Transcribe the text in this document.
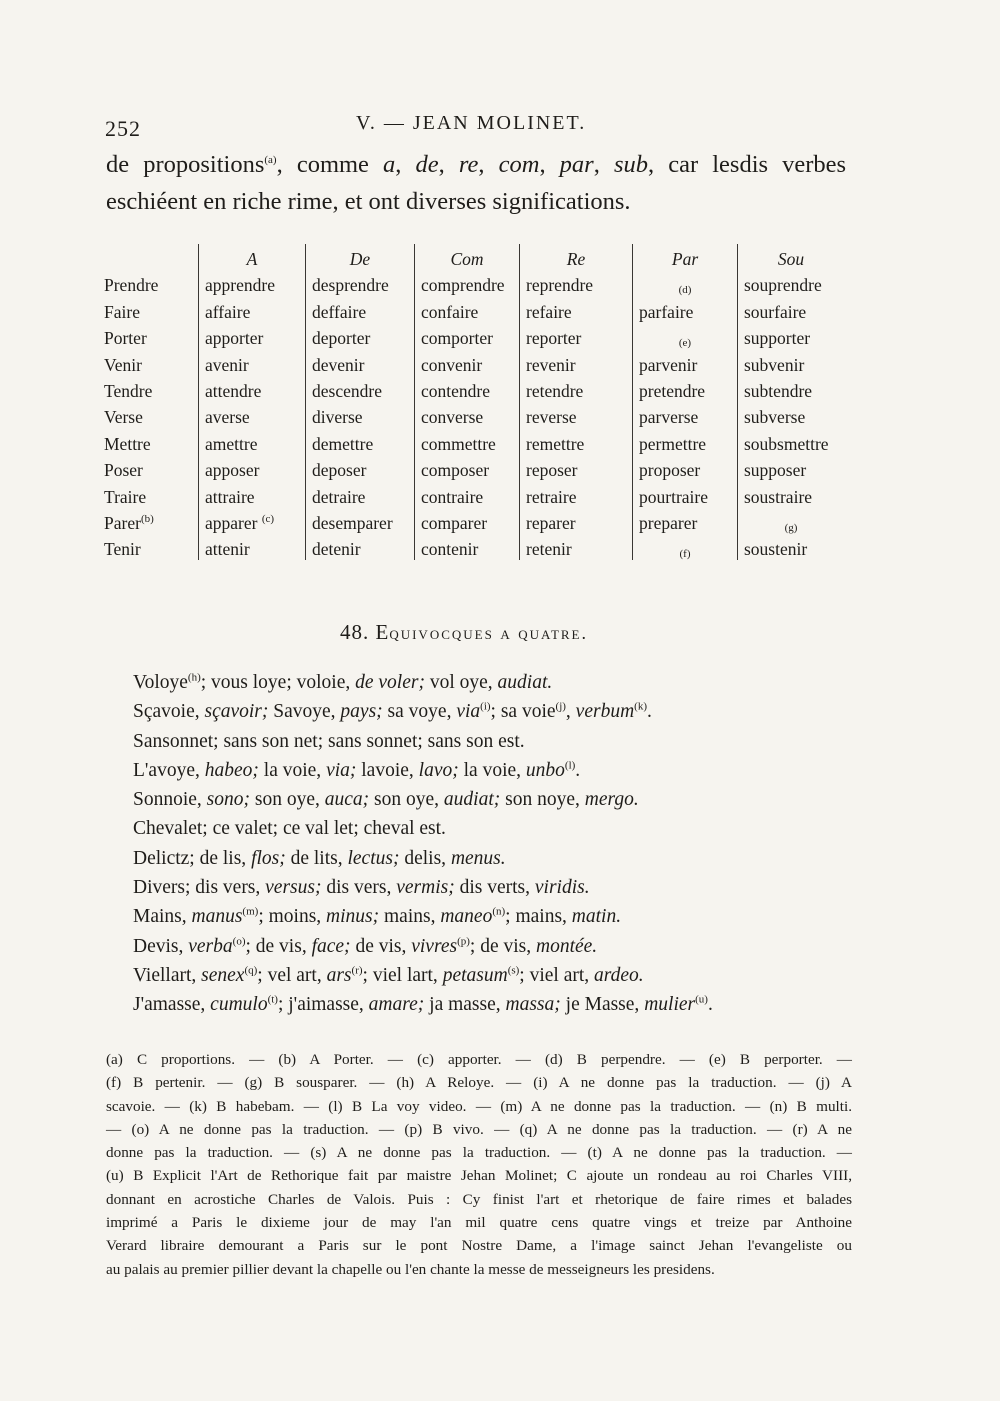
252	V. — JEAN MOLINET.
de propositions$^{(a)}$, comme a, de, re, com, par, sub, car lesdis verbes
eschiéent en riche rime, et ont diverses significations.
	A	De	Com	Re	Par	Sou
Prendre	apprendre	desprendre	comprendre	reprendre	(d)	souprendre
Faire	affaire	deffaire	confaire	refaire	parfaire	sourfaire
Porter	apporter	deporter	comporter	reporter	(e)	supporter
Venir	avenir	devenir	convenir	revenir	parvenir	subvenir
Tendre	attendre	descendre	contendre	retendre	pretendre	subtendre
Verse	averse	diverse	converse	reverse	parverse	subverse
Mettre	amettre	demettre	commettre	remettre	permettre	soubsmettre
Poser	apposer	deposer	composer	reposer	proposer	supposer
Traire	attraire	detraire	contraire	retraire	pourtraire	soustraire
Parer$^{(b)}$	apparer $^{(c)}$	desemparer	comparer	reparer	preparer	(g)
Tenir	attenir	detenir	contenir	retenir	(f)	soustenir
48. Equivocques a quatre.
Voloye$^{(h)}$; vous loye; voloie, de voler; vol oye, audiat.
Sçavoie, sçavoir; Savoye, pays; sa voye, via$^{(i)}$; sa voie$^{(j)}$, verbum$^{(k)}$.
Sansonnet; sans son net; sans sonnet; sans son est.
L'avoye, habeo; la voie, via; lavoie, lavo; la voie, unbo$^{(l)}$.
Sonnoie, sono; son oye, auca; son oye, audiat; son noye, mergo.
Chevalet; ce valet; ce val let; cheval est.
Delictz; de lis, flos; de lits, lectus; delis, menus.
Divers; dis vers, versus; dis vers, vermis; dis verts, viridis.
Mains, manus$^{(m)}$; moins, minus; mains, maneo$^{(n)}$; mains, matin.
Devis, verba$^{(o)}$; de vis, face; de vis, vivres$^{(p)}$; de vis, montée.
Viellart, senex$^{(q)}$; vel art, ars$^{(r)}$; viel lart, petasum$^{(s)}$; viel art, ardeo.
J'amasse, cumulo$^{(t)}$; j'aimasse, amare; ja masse, massa; je Masse, mulier$^{(u)}$.
(a) C proportions. — (b) A Porter. — (c) apporter. — (d) B perpendre. — (e) B perporter. —
(f) B pertenir. — (g) B sousparer. — (h) A Reloye. — (i) A ne donne pas la traduction. — (j) A
scavoie. — (k) B habebam. — (l) B La voy video. — (m) A ne donne pas la traduction. — (n) B multi.
— (o) A ne donne pas la traduction. — (p) B vivo. — (q) A ne donne pas la traduction. — (r) A ne
donne pas la traduction. — (s) A ne donne pas la traduction. — (t) A ne donne pas la traduction. —
(u) B Explicit l'Art de Rethorique fait par maistre Jehan Molinet; C ajoute un rondeau au roi Charles VIII,
donnant en acrostiche Charles de Valois. Puis : Cy finist l'art et rhetorique de faire rimes et balades
imprimé a Paris le dixieme jour de may l'an mil quatre cens quatre vings et treize par Anthoine
Verard libraire demourant a Paris sur le pont Nostre Dame, a l'image sainct Jehan l'evangeliste ou
au palais au premier pillier devant la chapelle ou l'en chante la messe de messeigneurs les presidens.
